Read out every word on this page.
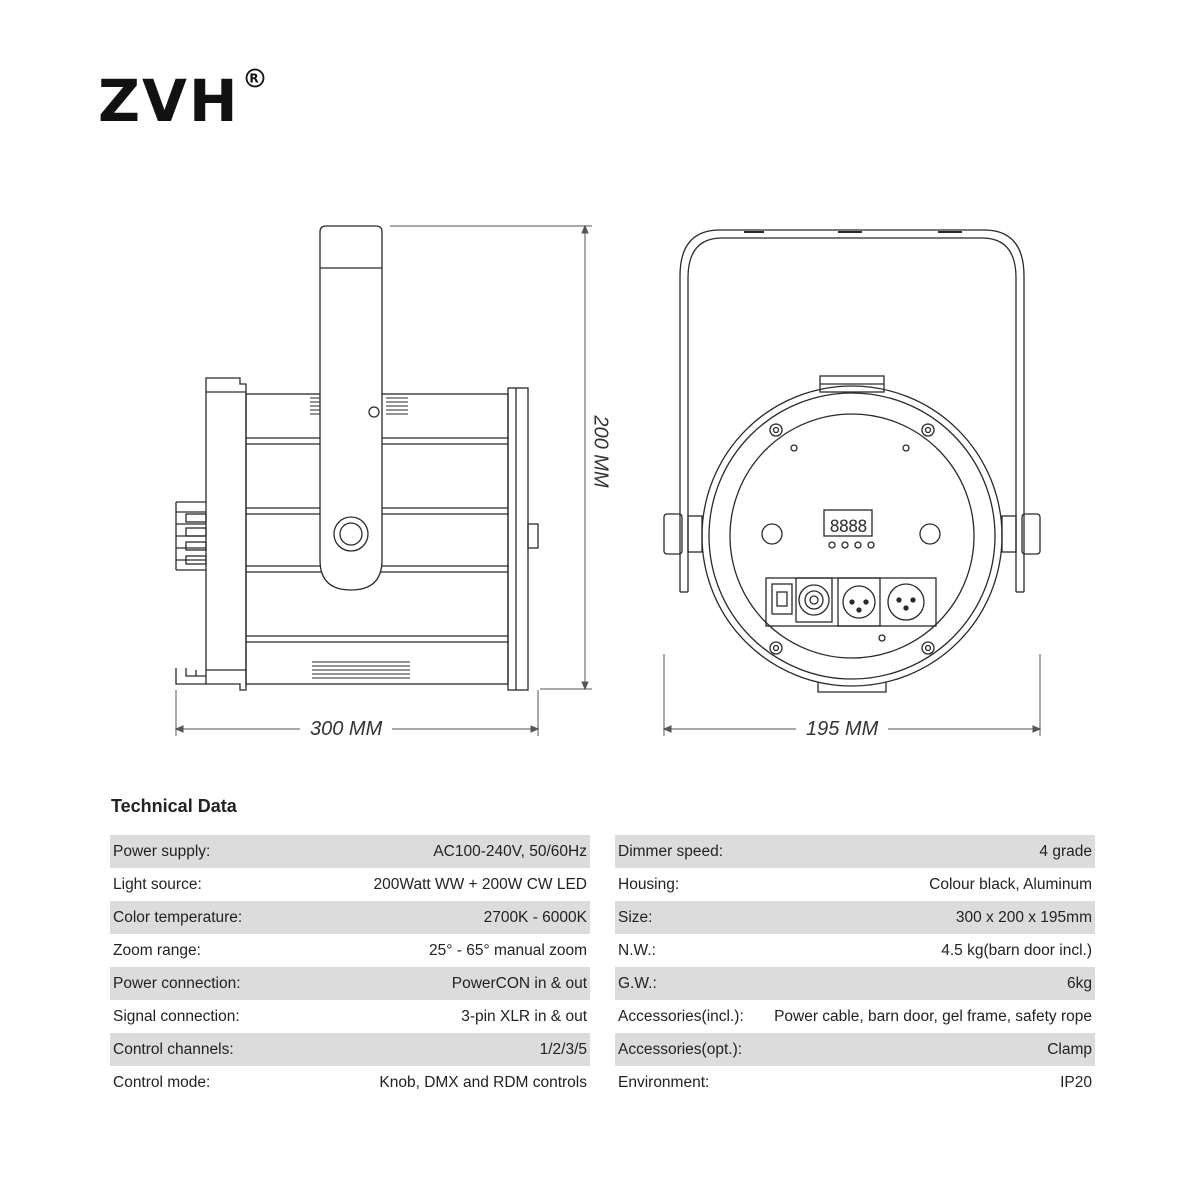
ZVH R
8888
300 MM	195 MM
200 MM
Technical Data
Power supply:	AC100-240V, 50/60Hz
Light source:	200Watt WW + 200W CW LED
Color temperature:	2700K - 6000K
Zoom range:	25° - 65° manual zoom
Power connection:	PowerCON in & out
Signal connection:	3-pin XLR in & out
Control channels:	1/2/3/5
Control mode:	Knob, DMX and RDM controls
Dimmer speed:	4 grade
Housing:	Colour black, Aluminum
Size:	300 x 200 x 195mm
N.W.:	4.5 kg(barn door incl.)
G.W.:	6kg
Accessories(incl.): Power cable, barn door, gel frame, safety rope
Accessories(opt.):	Clamp
Environment:	IP20
